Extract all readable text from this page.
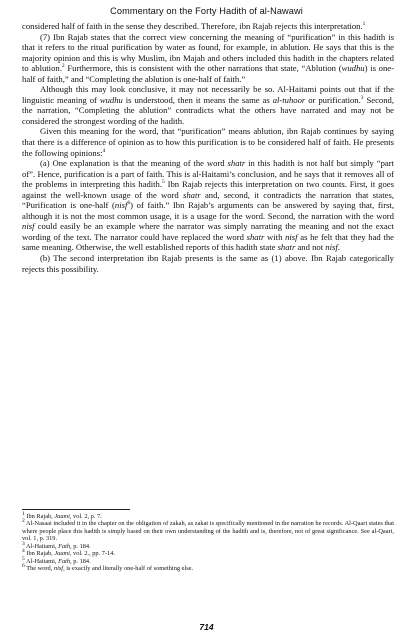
Commentary on the Forty Hadith of al-Nawawi

considered half of faith in the sense they described. Therefore, ibn Rajab rejects this interpretation.$^1$

(7) Ibn Rajab states that the correct view concerning the meaning of “purification” in this hadith is that it refers to the ritual purification by water as found, for example, in ablution. He says that this is the majority opinion and this is why Muslim, ibn Majah and others included this hadith in the chapters related to ablution.$^2$ Furthermore, this is consistent with the other narrations that state, “Ablution (wudhu) is one-half of faith,” and “Completing the ablution is one-half of faith.”

Although this may look conclusive, it may not necessarily be so. Al-Haitami points out that if the linguistic meaning of wudhu is understood, then it means the same as al-tuhoor or purification.$^3$ Second, the narration, “Completing the ablution” contradicts what the others have narrated and may not be considered the strongest wording of the hadith.

Given this meaning for the word, that “purification” means ablution, ibn Rajab continues by saying that there is a difference of opinion as to how this purification is to be considered half of faith. He presents the following opinions:$^4$

(a) One explanation is that the meaning of the word shatr in this hadith is not half but simply “part of”. Hence, purification is a part of faith. This is al-Haitami’s conclusion, and he says that it removes all of the problems in interpreting this hadith.$^5$ Ibn Rajab rejects this interpretation on two counts. First, it goes against the well-known usage of the word shatr and, second, it contradicts the narration that states, “Purification is one-half (nisf$^6$) of faith.” Ibn Rajab’s arguments can be answered by saying that, first, although it is not the most common usage, it is a usage for the word. Second, the narration with the word nisf could easily be an example where the narrator was simply narrating the meaning and not the exact wording of the text. The narrator could have replaced the word shatr with nisf as he felt that they had the same meaning. Otherwise, the well established reports of this hadith state shatr and not nisf.

(b) The second interpretation ibn Rajab presents is the same as (1) above. Ibn Rajab categorically rejects this possibility.

$^1$ Ibn Rajab, Jaami, vol. 2, p. 7.

$^2$ Al-Nasaai included it in the chapter on the obligation of zakah, as zakat is specifically mentioned in the narration he records. Al-Qaari states that where people place this hadith is simply based on their own understanding of the hadith and is, therefore, not of great significance. See al-Qaari, vol. 1, p. 319.

$^3$ Al-Haitami, Fath, p. 184.

$^4$ Ibn Rajab, Jaami, vol. 2., pp. 7-14.

$^5$ Al-Haitami, Fath, p. 184.

$^6$ The word, nisf, is exactly and literally one-half of something else.

714
